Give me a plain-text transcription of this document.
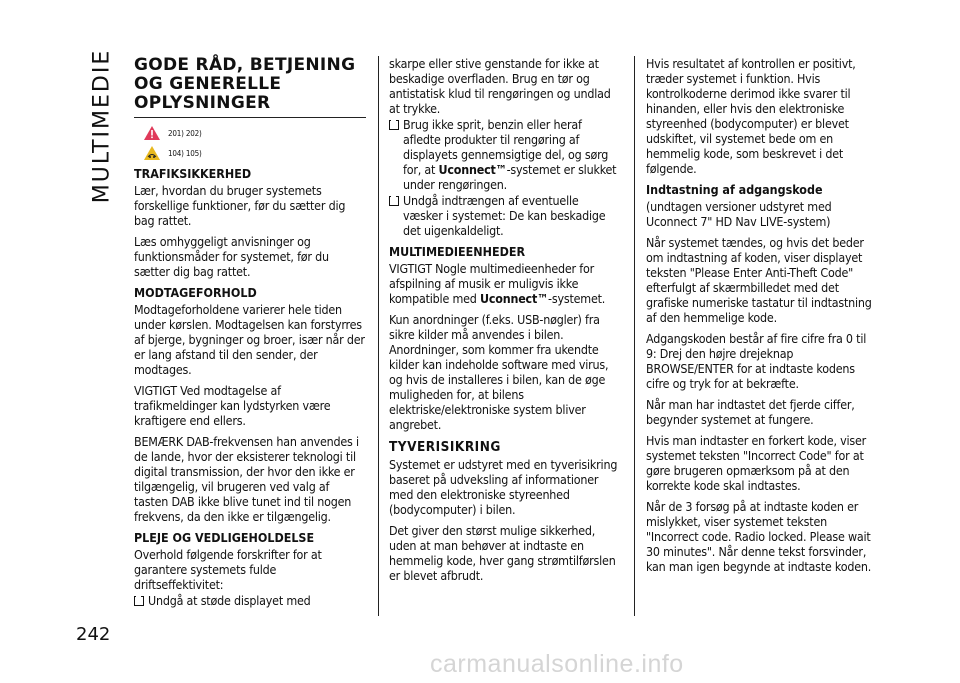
MULTIMEDIE GODE RÅD, BETJENING
OG GENERELLE
OPLYSNINGER
201) 202)
104) 105)
TRAFIKSIKKERHED

Lær, hvordan du bruger systemets forskellige funktioner, før du sætter dig bag rattet.

Læs omhyggeligt anvisninger og funktionsmåder for systemet, før du sætter dig bag rattet.

MODTAGEFORHOLD

Modtageforholdene varierer hele tiden under kørslen. Modtagelsen kan forstyrres af bjerge, bygninger og broer, især når der er lang afstand til den sender, der modtages.

VIGTIGT Ved modtagelse af trafikmeldinger kan lydstyrken være kraftigere end ellers.

BEMÆRK DAB-frekvensen han anvendes i de lande, hvor der eksisterer teknologi til digital transmission, der hvor den ikke er tilgængelig, vil brugeren ved valg af tasten DAB ikke blive tunet ind til nogen frekvens, da den ikke er tilgængelig.

PLEJE OG VEDLIGEHOLDELSE

Overhold følgende forskrifter for at garantere systemets fulde driftseffektivitet:

Undgå at støde displayet med

skarpe eller stive genstande for ikke at beskadige overfladen. Brug en tør og antistatisk klud til rengøringen og undlad at trykke.

Brug ikke sprit, benzin eller heraf afledte produkter til rengøring af displayets gennemsigtige del, og sørg for, at Uconnect™-systemet er slukket under rengøringen.
Undgå indtrængen af eventuelle væsker i systemet: De kan beskadige det uigenkaldeligt.
MULTIMEDIEENHEDER

VIGTIGT Nogle multimedieenheder for afspilning af musik er muligvis ikke kompatible med Uconnect™-systemet.

Kun anordninger (f.eks. USB-nøgler) fra sikre kilder må anvendes i bilen. Anordninger, som kommer fra ukendte kilder kan indeholde software med virus, og hvis de installeres i bilen, kan de øge muligheden for, at bilens elektriske/elektroniske system bliver angrebet.

TYVERISIKRING

Systemet er udstyret med en tyverisikring baseret på udveksling af informationer med den elektroniske styreenhed (bodycomputer) i bilen.

Det giver den størst mulige sikkerhed, uden at man behøver at indtaste en hemmelig kode, hver gang strømtilførslen er blevet afbrudt.

Hvis resultatet af kontrollen er positivt, træder systemet i funktion. Hvis kontrolkoderne derimod ikke svarer til hinanden, eller hvis den elektroniske styreenhed (bodycomputer) er blevet udskiftet, vil systemet bede om en hemmelig kode, som beskrevet i det følgende.

Indtastning af adgangskode

(undtagen versioner udstyret med Uconnect 7" HD Nav LIVE-system)

Når systemet tændes, og hvis det beder om indtastning af koden, viser displayet teksten "Please Enter Anti-Theft Code" efterfulgt af skærmbilledet med det grafiske numeriske tastatur til indtastning af den hemmelige kode.

Adgangskoden består af fire cifre fra 0 til 9: Drej den højre drejeknap BROWSE/ENTER for at indtaste kodens cifre og tryk for at bekræfte.

Når man har indtastet det fjerde ciffer, begynder systemet at fungere.

Hvis man indtaster en forkert kode, viser systemet teksten "Incorrect Code" for at gøre brugeren opmærksom på at den korrekte kode skal indtastes.

Når de 3 forsøg på at indtaste koden er mislykket, viser systemet teksten "Incorrect code. Radio locked. Please wait 30 minutes". Når denne tekst forsvinder, kan man igen begynde at indtaste koden.

242
carmanualsonline.info
